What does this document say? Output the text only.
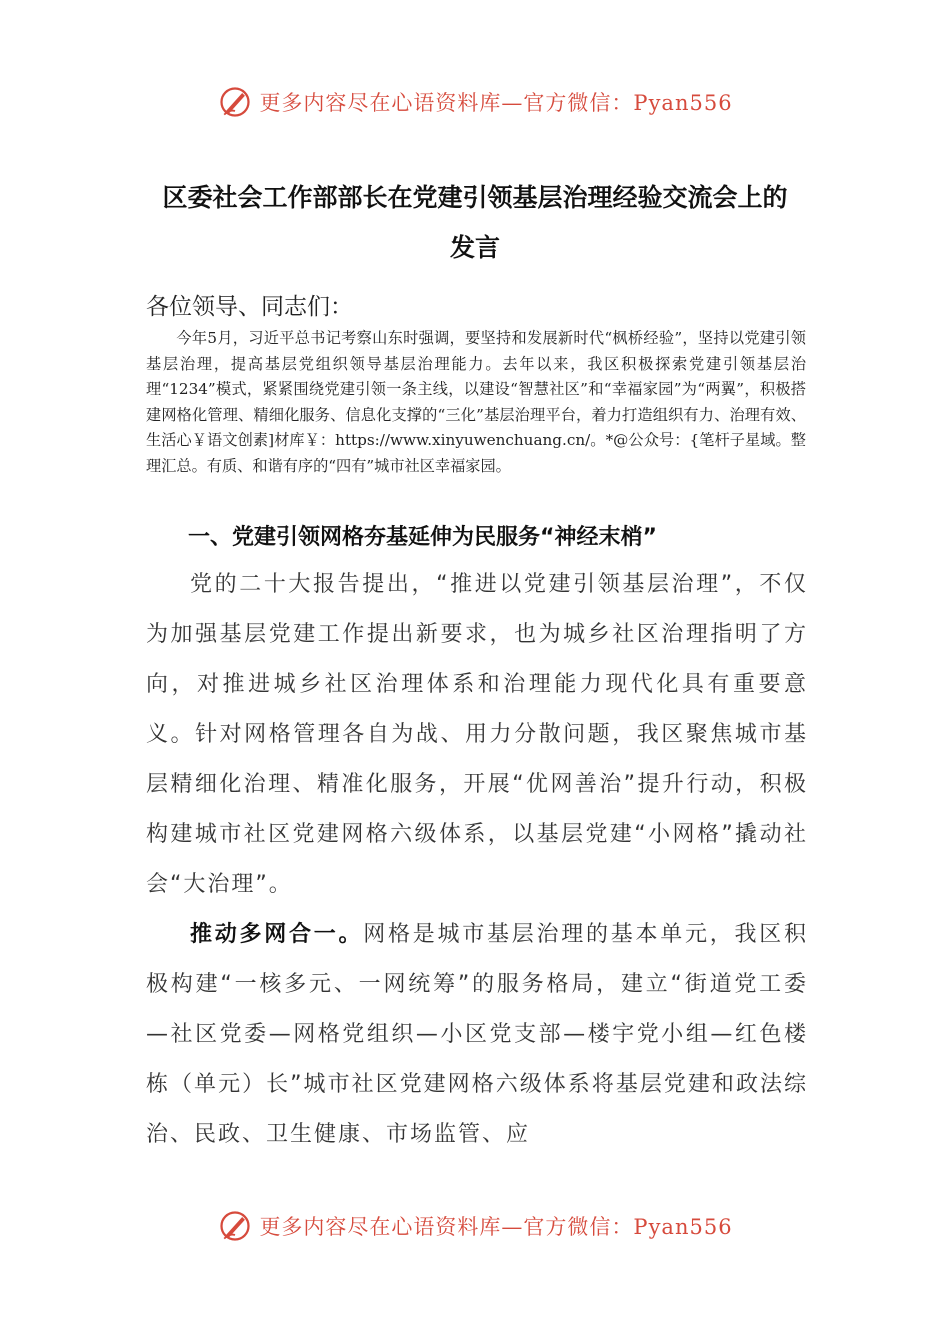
更多内容尽在心语资料库—官方微信：Pyan556
区委社会工作部部长在党建引领基层治理经验交流会上的
发言
各位领导、同志们：
今年5月，习近平总书记考察山东时强调，要坚持和发展新时代“枫桥经验”，坚持以党建引领基层治理，提高基层党组织领导基层治理能力。去年以来，我区积极探索党建引领基层治理“1234”模式，紧紧围绕党建引领一条主线，以建设“智慧社区”和“幸福家园”为“两翼”，积极搭建网格化管理、精细化服务、信息化支撑的“三化”基层治理平台，着力打造组织有力、治理有效、生活心￥语文创素]材库￥：https://www.xinyuwenchuang.cn/。*@公众号：{笔杆子星域。整理汇总。有质、和谐有序的“四有”城市社区幸福家园。
一、党建引领网格夯基延伸为民服务“神经末梢”
党的二十大报告提出，“推进以党建引领基层治理”，不仅为加强基层党建工作提出新要求，也为城乡社区治理指明了方向，对推进城乡社区治理体系和治理能力现代化具有重要意义。针对网格管理各自为战、用力分散问题，我区聚焦城市基层精细化治理、精准化服务，开展“优网善治”提升行动，积极构建城市社区党建网格六级体系，以基层党建“小网格”撬动社会“大治理”。
推动多网合一。网格是城市基层治理的基本单元，我区积极构建“一核多元、一网统筹”的服务格局，建立“街道党工委—社区党委—网格党组织—小区党支部—楼宇党小组—红色楼栋（单元）长”城市社区党建网格六级体系将基层党建和政法综治、民政、卫生健康、市场监管、应
更多内容尽在心语资料库—官方微信：Pyan556
